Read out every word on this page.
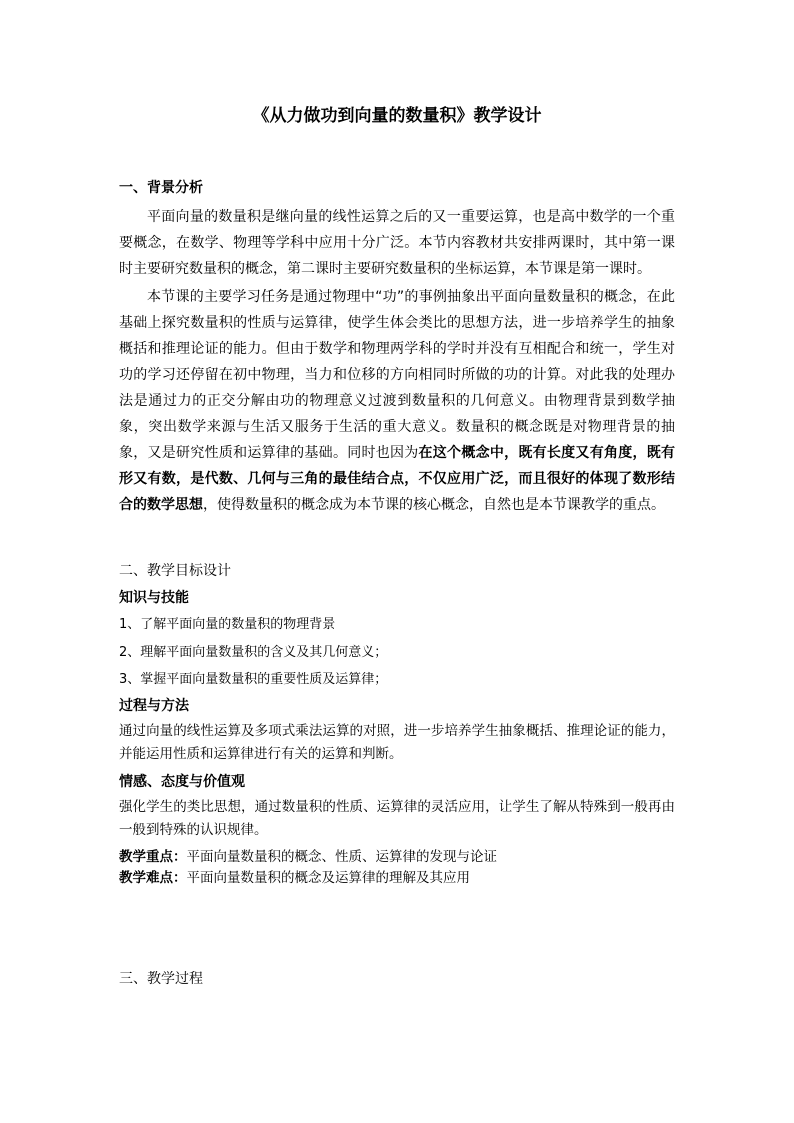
《从力做功到向量的数量积》教学设计
一、背景分析

平面向量的数量积是继向量的线性运算之后的又一重要运算，也是高中数学的一个重要概念，在数学、物理等学科中应用十分广泛。本节内容教材共安排两课时，其中第一课时主要研究数量积的概念，第二课时主要研究数量积的坐标运算，本节课是第一课时。

本节课的主要学习任务是通过物理中“功”的事例抽象出平面向量数量积的概念，在此基础上探究数量积的性质与运算律，使学生体会类比的思想方法，进一步培养学生的抽象概括和推理论证的能力。但由于数学和物理两学科的学时并没有互相配合和统一，学生对功的学习还停留在初中物理，当力和位移的方向相同时所做的功的计算。对此我的处理办法是通过力的正交分解由功的物理意义过渡到数量积的几何意义。由物理背景到数学抽象，突出数学来源与生活又服务于生活的重大意义。数量积的概念既是对物理背景的抽象，又是研究性质和运算律的基础。同时也因为在这个概念中，既有长度又有角度，既有形又有数，是代数、几何与三角的最佳结合点，不仅应用广泛，而且很好的体现了数形结合的数学思想，使得数量积的概念成为本节课的核心概念，自然也是本节课教学的重点。

二、教学目标设计
知识与技能
1、了解平面向量的数量积的物理背景
2、理解平面向量数量积的含义及其几何意义；
3、掌握平面向量数量积的重要性质及运算律；
过程与方法

通过向量的线性运算及多项式乘法运算的对照，进一步培养学生抽象概括、推理论证的能力，并能运用性质和运算律进行有关的运算和判断。

情感、态度与价值观

强化学生的类比思想，通过数量积的性质、运算律的灵活应用，让学生了解从特殊到一般再由一般到特殊的认识规律。

教学重点：平面向量数量积的概念、性质、运算律的发现与论证
教学难点：平面向量数量积的概念及运算律的理解及其应用
三、教学过程
